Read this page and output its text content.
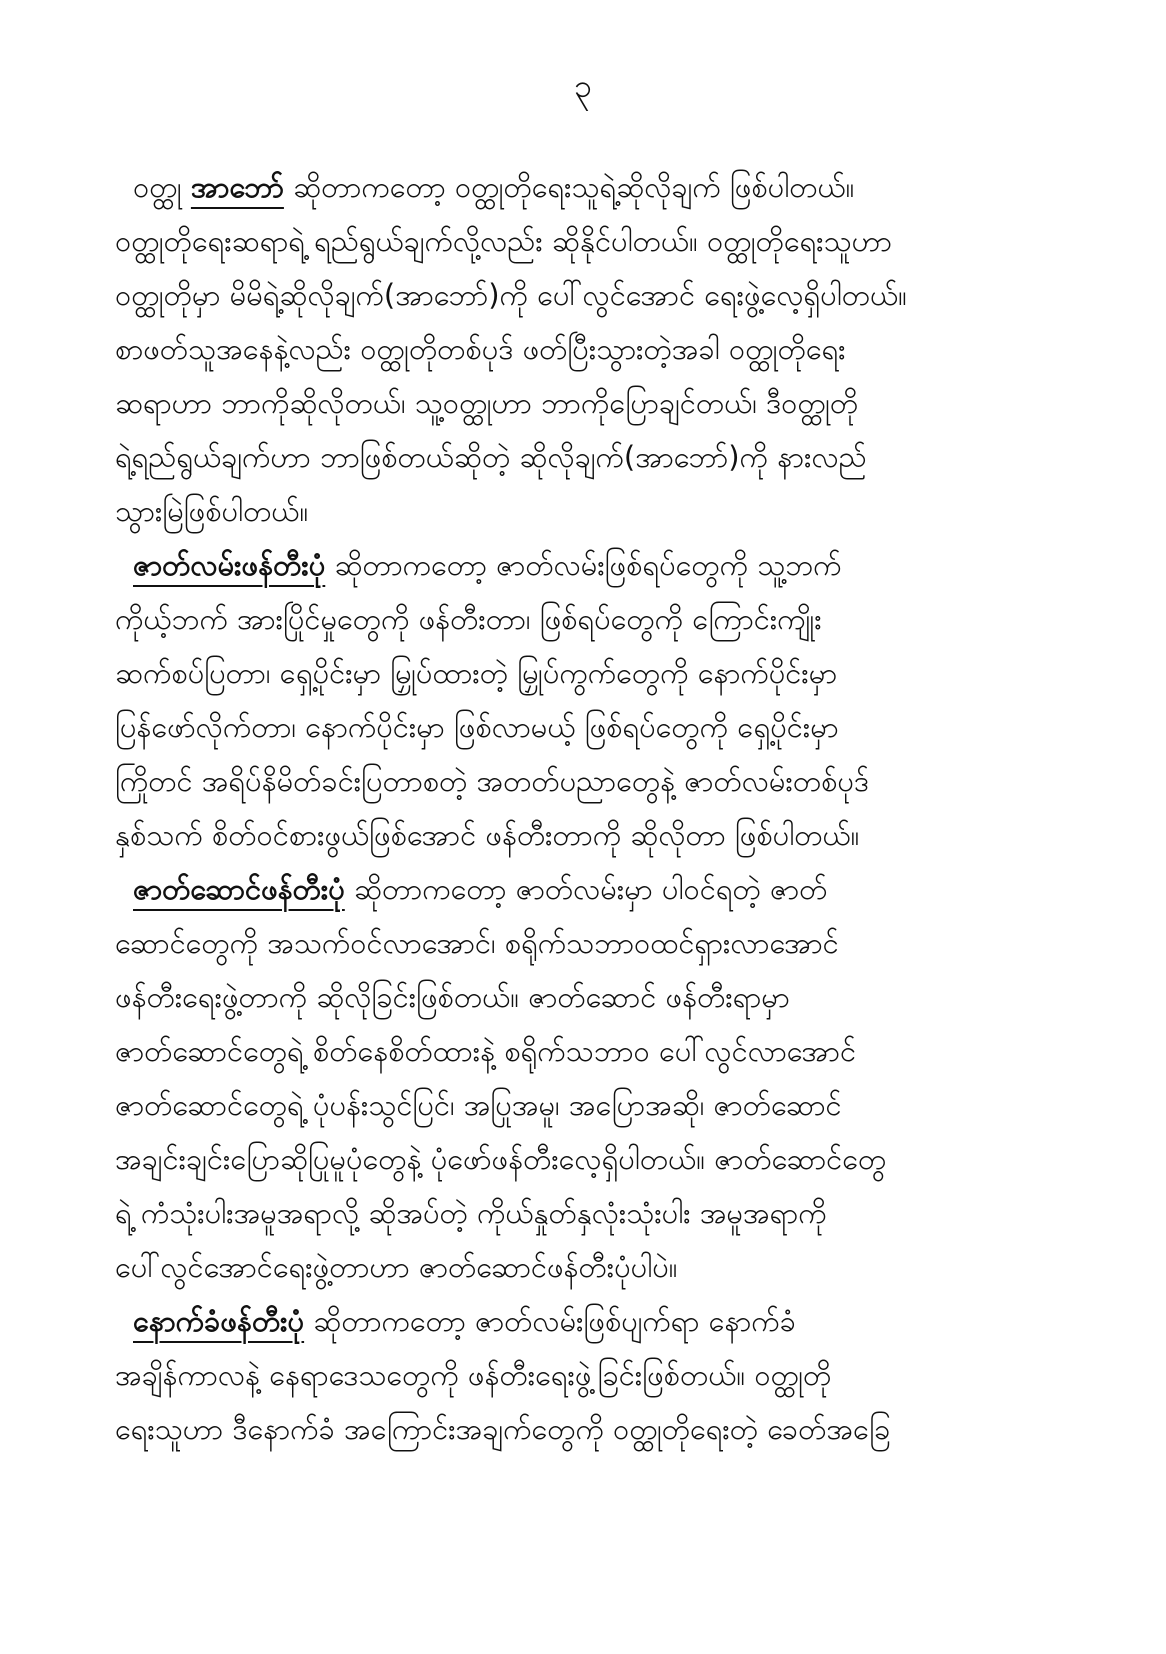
၃
ဝတ္ထု အာဘော် ဆိုတာကတော့ ဝတ္ထုတိုရေးသူရဲ့ဆိုလိုချက် ဖြစ်ပါတယ်။
ဝတ္ထုတိုရေးဆရာရဲ့ ရည်ရွယ်ချက်လို့လည်း ဆိုနိုင်ပါတယ်။ ဝတ္ထုတိုရေးသူဟာ
ဝတ္ထုတိုမှာ မိမိရဲ့ဆိုလိုချက်(အာဘော်)ကို ပေါ်လွင်အောင် ရေးဖွဲ့လေ့ရှိပါတယ်။
စာဖတ်သူအနေနဲ့လည်း ဝတ္ထုတိုတစ်ပုဒ် ဖတ်ပြီးသွားတဲ့အခါ ဝတ္ထုတိုရေး
ဆရာဟာ ဘာကိုဆိုလိုတယ်၊ သူ့ဝတ္ထုဟာ ဘာကိုပြောချင်တယ်၊ ဒီဝတ္ထုတို
ရဲ့ရည်ရွယ်ချက်ဟာ ဘာဖြစ်တယ်ဆိုတဲ့ ဆိုလိုချက်(အာဘော်)ကို နားလည်
သွားမြဲဖြစ်ပါတယ်။
ဇာတ်လမ်းဖန်တီးပုံ ဆိုတာကတော့ ဇာတ်လမ်းဖြစ်ရပ်တွေကို သူ့ဘက်
ကိုယ့်ဘက် အားပြိုင်မှုတွေကို ဖန်တီးတာ၊ ဖြစ်ရပ်တွေကို ကြောင်းကျိုး
ဆက်စပ်ပြတာ၊ ရှေ့ပိုင်းမှာ မြှုပ်ထားတဲ့ မြှုပ်ကွက်တွေကို နောက်ပိုင်းမှာ
ပြန်ဖော်လိုက်တာ၊ နောက်ပိုင်းမှာ ဖြစ်လာမယ့် ဖြစ်ရပ်တွေကို ရှေ့ပိုင်းမှာ
ကြိုတင် အရိပ်နိမိတ်ခင်းပြတာစတဲ့ အတတ်ပညာတွေနဲ့ ဇာတ်လမ်းတစ်ပုဒ်
နှစ်သက် စိတ်ဝင်စားဖွယ်ဖြစ်အောင် ဖန်တီးတာကို ဆိုလိုတာ ဖြစ်ပါတယ်။
ဇာတ်ဆောင်ဖန်တီးပုံ ဆိုတာကတော့ ဇာတ်လမ်းမှာ ပါဝင်ရတဲ့ ဇာတ်
ဆောင်တွေကို အသက်ဝင်လာအောင်၊ စရိုက်သဘာဝထင်ရှားလာအောင်
ဖန်တီးရေးဖွဲ့တာကို ဆိုလိုခြင်းဖြစ်တယ်။ ဇာတ်ဆောင် ဖန်တီးရာမှာ
ဇာတ်ဆောင်တွေရဲ့ စိတ်နေစိတ်ထားနဲ့ စရိုက်သဘာဝ ပေါ်လွင်လာအောင်
ဇာတ်ဆောင်တွေရဲ့ ပုံပန်းသွင်ပြင်၊ အပြုအမူ၊ အပြောအဆို၊ ဇာတ်ဆောင်
အချင်းချင်းပြောဆိုပြုမူပုံတွေနဲ့ ပုံဖော်ဖန်တီးလေ့ရှိပါတယ်။ ဇာတ်ဆောင်တွေ
ရဲ့ ကံသုံးပါးအမူအရာလို့ ဆိုအပ်တဲ့ ကိုယ်နှုတ်နှလုံးသုံးပါး အမူအရာကို
ပေါ်လွင်အောင်ရေးဖွဲ့တာဟာ ဇာတ်ဆောင်ဖန်တီးပုံပါပဲ။
နောက်ခံဖန်တီးပုံ ဆိုတာကတော့ ဇာတ်လမ်းဖြစ်ပျက်ရာ နောက်ခံ
အချိန်ကာလနဲ့ နေရာဒေသတွေကို ဖန်တီးရေးဖွဲ့ခြင်းဖြစ်တယ်။ ဝတ္ထုတို
ရေးသူဟာ ဒီနောက်ခံ အကြောင်းအချက်တွေကို ဝတ္ထုတိုရေးတဲ့ ခေတ်အခြေ
